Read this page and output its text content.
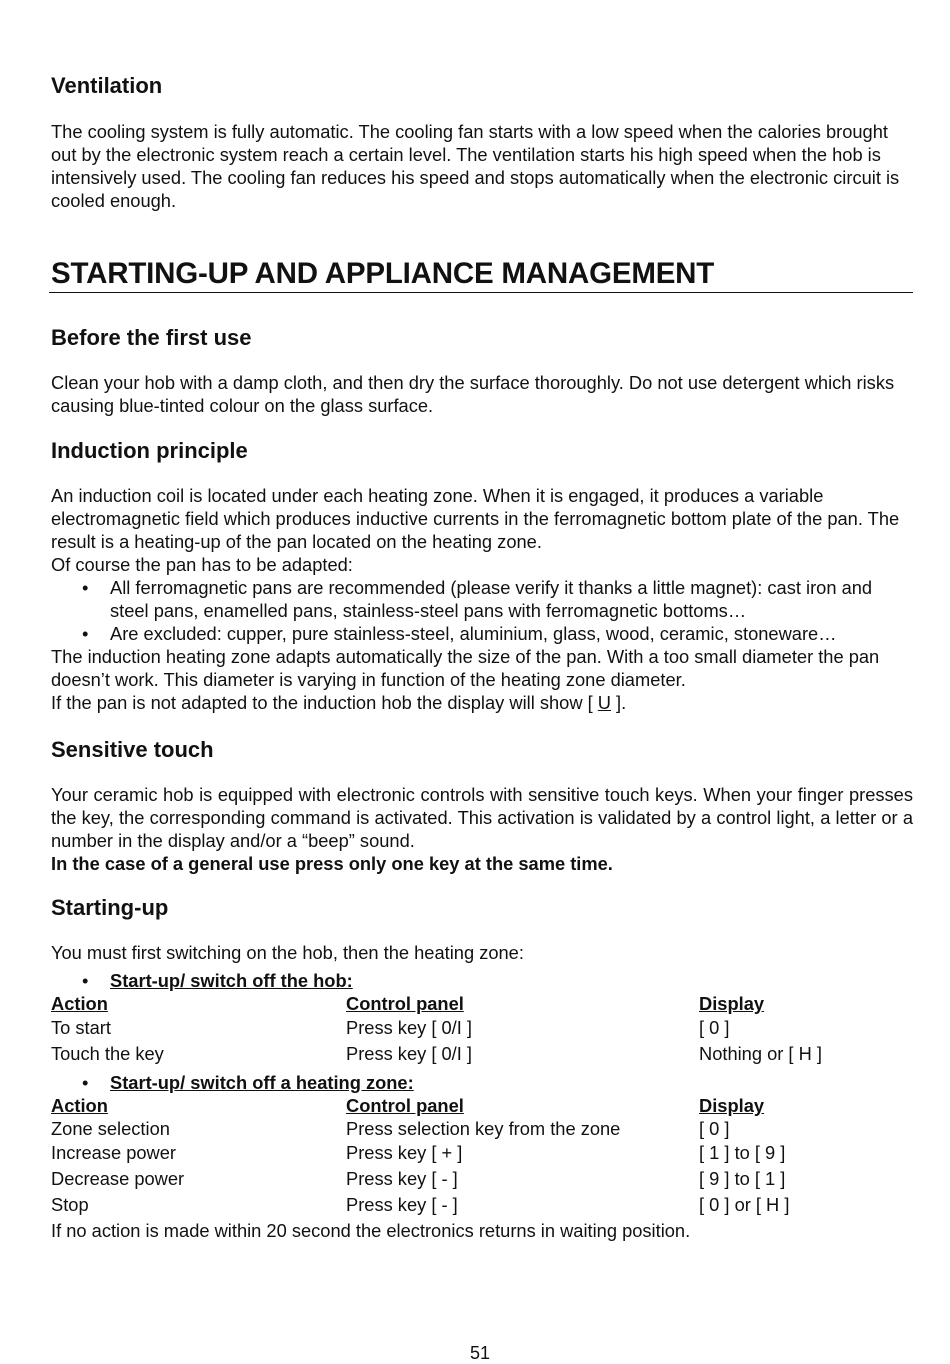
Ventilation
The cooling system is fully automatic. The cooling fan starts with a low speed when the calories brought out by the electronic system reach a certain level. The ventilation starts his high speed when the hob is intensively used. The cooling fan reduces his speed and stops automatically when the electronic circuit is cooled enough.
STARTING-UP AND APPLIANCE MANAGEMENT
Before the first use
Clean your hob with a damp cloth, and then dry the surface thoroughly. Do not use detergent which risks causing blue-tinted colour on the glass surface.
Induction principle

An induction coil is located under each heating zone. When it is engaged, it produces a variable electromagnetic field which produces inductive currents in the ferromagnetic bottom plate of the pan. The result is a heating-up of the pan located on the heating zone.

Of course the pan has to be adapted:

• All ferromagnetic pans are recommended (please verify it thanks a little magnet): cast iron and steel pans, enamelled pans, stainless-steel pans with ferromagnetic bottoms…
• Are excluded: cupper, pure stainless-steel, aluminium, glass, wood, ceramic, stoneware…

The induction heating zone adapts automatically the size of the pan. With a too small diameter the pan doesn’t work. This diameter is varying in function of the heating zone diameter.

If the pan is not adapted to the induction hob the display will show [ U ].

Sensitive touch

Your ceramic hob is equipped with electronic controls with sensitive touch keys. When your finger presses the key, the corresponding command is activated. This activation is validated by a control light, a letter or a number in the display and/or a “beep” sound.

In the case of a general use press only one key at the same time.

Starting-up
You must first switching on the hob, then the heating zone:
• Start-up/ switch off the hob:
Action	Control panel	Display
To start	Press key [ 0/I ]	[ 0 ]
Touch the key	Press key [ 0/I ]	Nothing or [ H ]
• Start-up/ switch off a heating zone:
Action	Control panel	Display
Zone selection	Press selection key from the zone	[ 0 ]
Increase power	Press key [ + ]	[ 1 ] to [ 9 ]
Decrease power	Press key [ - ]	[ 9 ] to [ 1 ]
Stop	Press key [ - ]	[ 0 ] or [ H ]
If no action is made within 20 second the electronics returns in waiting position.
51
